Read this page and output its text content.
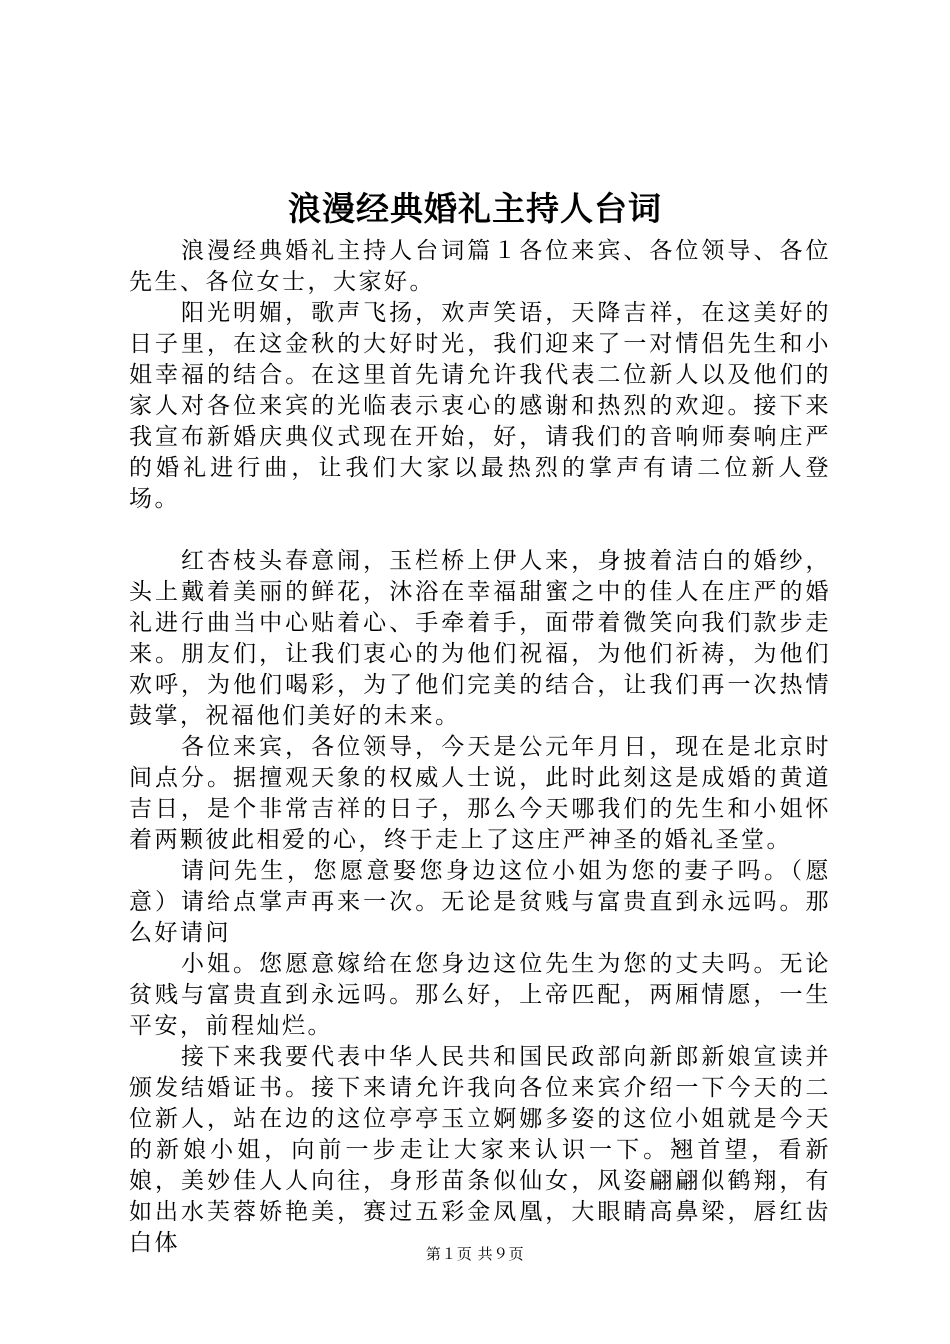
浪漫经典婚礼主持人台词

浪漫经典婚礼主持人台词篇１各位来宾、各位领导、各位先生、各位女士，大家好。

阳光明媚，歌声飞扬，欢声笑语，天降吉祥，在这美好的日子里，在这金秋的大好时光，我们迎来了一对情侣先生和小姐幸福的结合。在这里首先请允许我代表二位新人以及他们的家人对各位来宾的光临表示衷心的感谢和热烈的欢迎。接下来我宣布新婚庆典仪式现在开始，好，请我们的音响师奏响庄严的婚礼进行曲，让我们大家以最热烈的掌声有请二位新人登场。

红杏枝头春意闹，玉栏桥上伊人来，身披着洁白的婚纱，头上戴着美丽的鲜花，沐浴在幸福甜蜜之中的佳人在庄严的婚礼进行曲当中心贴着心、手牵着手，面带着微笑向我们款步走来。朋友们，让我们衷心的为他们祝福，为他们祈祷，为他们欢呼，为他们喝彩，为了他们完美的结合，让我们再一次热情鼓掌，祝福他们美好的未来。

各位来宾，各位领导，今天是公元年月日，现在是北京时间点分。据擅观天象的权威人士说，此时此刻这是成婚的黄道吉日，是个非常吉祥的日子，那么今天哪我们的先生和小姐怀着两颗彼此相爱的心，终于走上了这庄严神圣的婚礼圣堂。

请问先生，您愿意娶您身边这位小姐为您的妻子吗。（愿意）请给点掌声再来一次。无论是贫贱与富贵直到永远吗。那么好请问

小姐。您愿意嫁给在您身边这位先生为您的丈夫吗。无论贫贱与富贵直到永远吗。那么好，上帝匹配，两厢情愿，一生平安，前程灿烂。

接下来我要代表中华人民共和国民政部向新郎新娘宣读并颁发结婚证书。接下来请允许我向各位来宾介绍一下今天的二位新人，站在边的这位亭亭玉立婀娜多姿的这位小姐就是今天的新娘小姐，向前一步走让大家来认识一下。翘首望，看新娘，美妙佳人人向往，身形苗条似仙女，风姿翩翩似鹤翔，有如出水芙蓉娇艳美，赛过五彩金凤凰，大眼睛高鼻梁，唇红齿白体	第１页 共９页
